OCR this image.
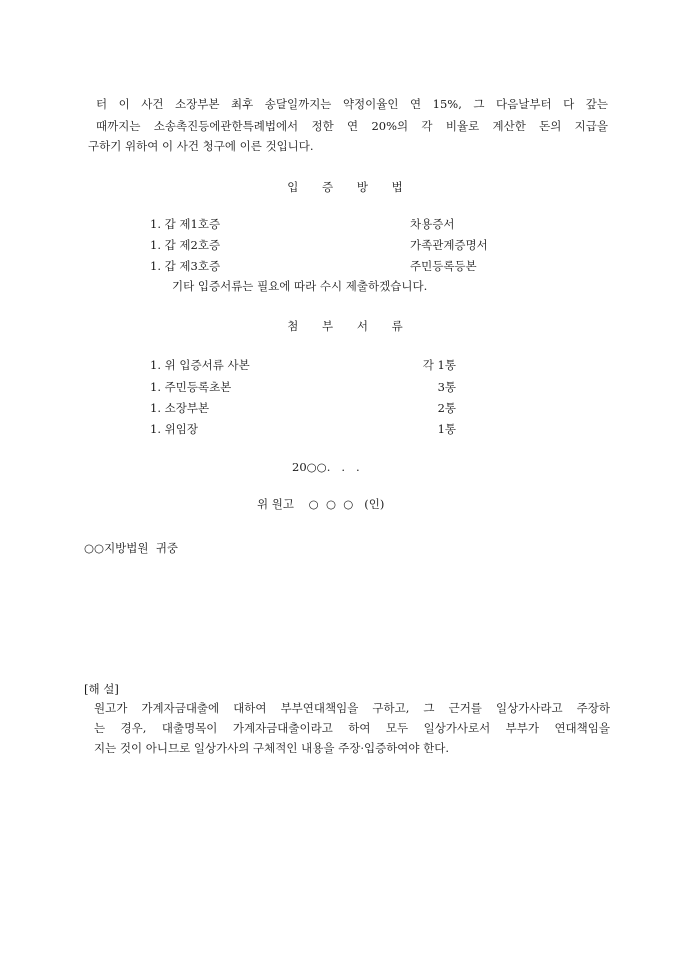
터 이 사건 소장부본 최후 송달일까지는 약정이율인 연 15%, 그 다음날부터 다 갚는
때까지는 소송촉진등에관한특례법에서 정한 연 20%의 각 비율로 계산한 돈의 지급을
구하기 위하여 이 사건 청구에 이른 것입니다.
입 증 방 법
1. 갑 제1호증	차용증서
1. 갑 제2호증	가족관계증명서
1. 갑 제3호증	주민등록등본
기타 입증서류는 필요에 따라 수시 제출하겠습니다.
첨 부 서 류
1. 위 입증서류 사본	각 1통
1. 주민등록초본	3통
1. 소장부본	2통
1. 위임장	1통
20○○.   .   .
위 원고    ○  ○  ○   (인)
○○지방법원  귀중
[해 설]
원고가 가계자금대출에 대하여 부부연대책임을 구하고, 그 근거를 일상가사라고 주장하
는 경우, 대출명목이 가계자금대출이라고 하여 모두 일상가사로서 부부가 연대책임을
지는 것이 아니므로 일상가사의 구체적인 내용을 주장·입증하여야 한다.
